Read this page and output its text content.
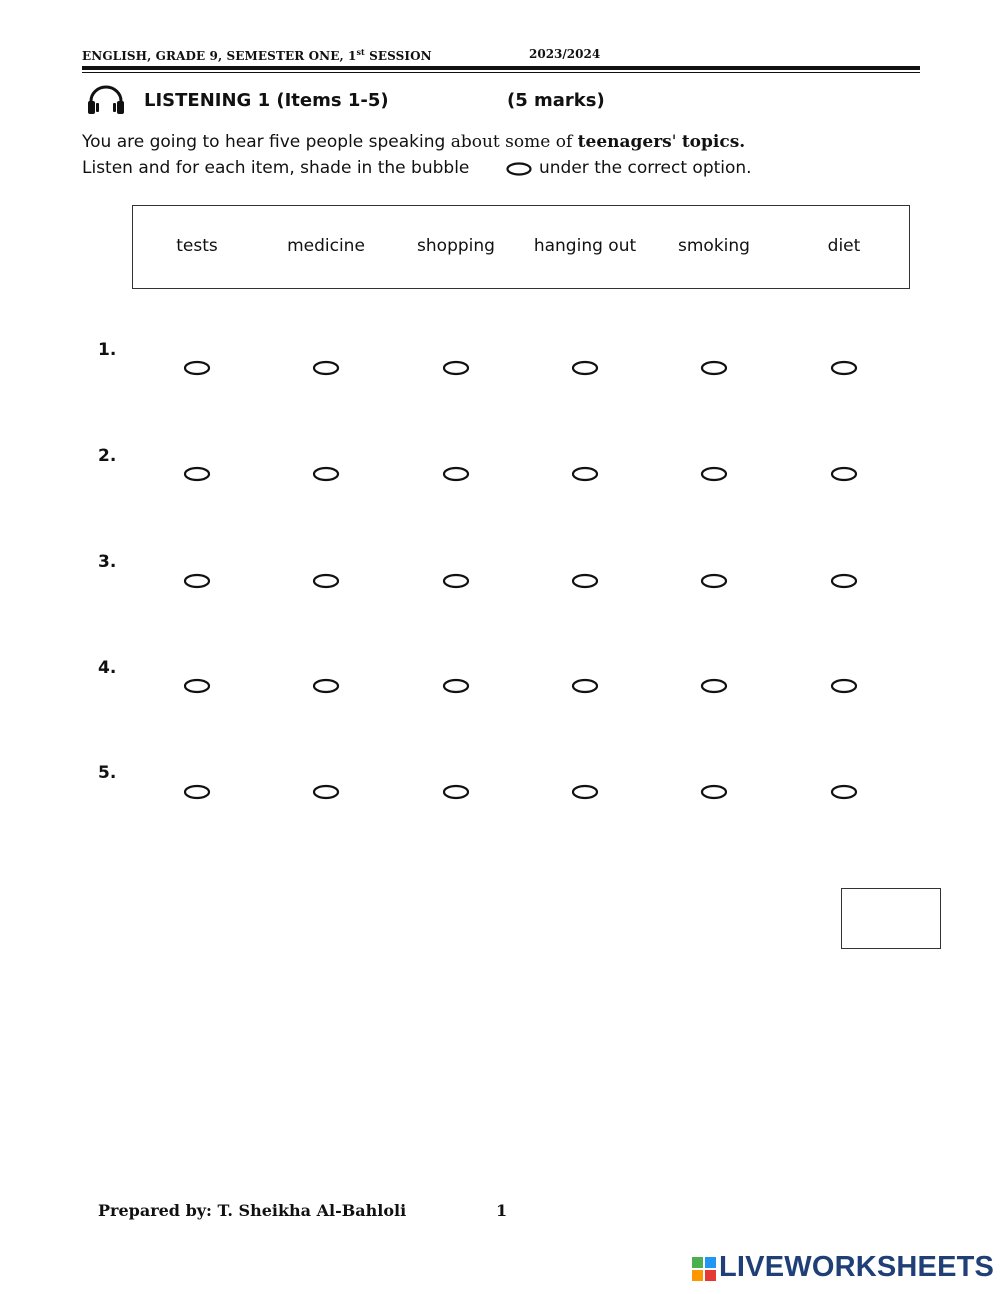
ENGLISH, GRADE 9, SEMESTER ONE, 1st SESSION	2023/2024
LISTENING 1 (Items 1-5)	(5 marks)
You are going to hear five people speaking about some of teenagers' topics.
Listen and for each item, shade in the bubble	under the correct option.
tests	medicine	shopping	hanging out	smoking	diet
1.
2.
3.
4.
5.
Prepared by: T. Sheikha Al-Bahloli	1
LIVEWORKSHEETS
